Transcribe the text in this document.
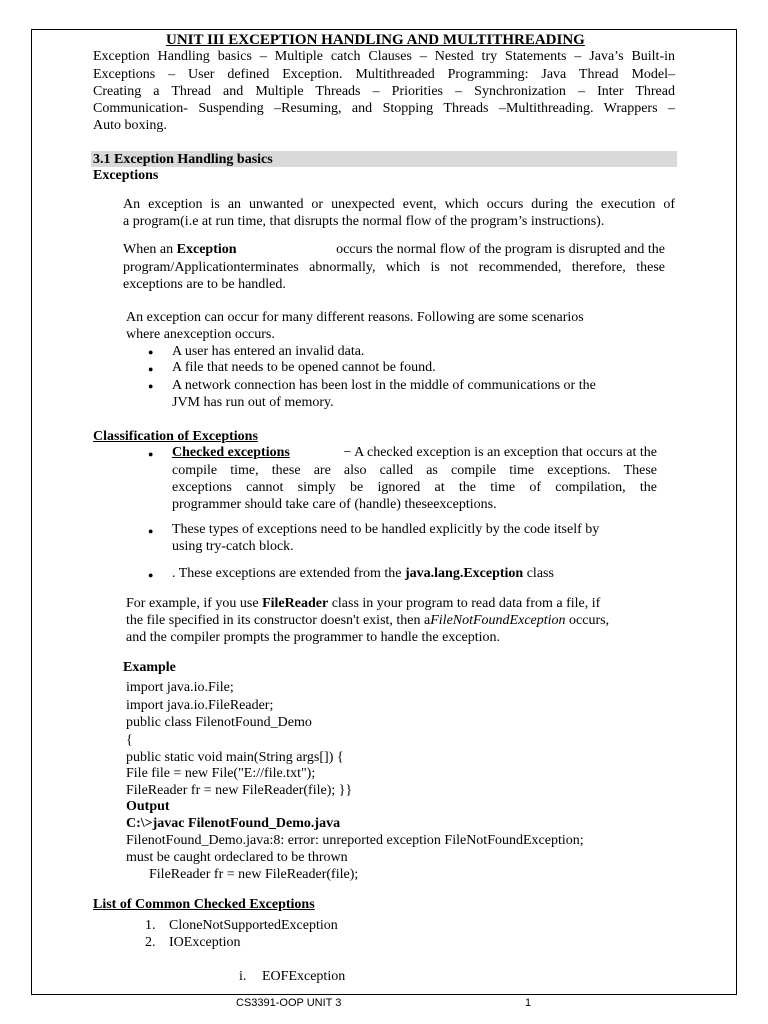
UNIT III EXCEPTION HANDLING AND MULTITHREADING

Exception Handling basics – Multiple catch Clauses – Nested try Statements – Java’s Built-in

Exceptions – User defined Exception. Multithreaded Programming: Java Thread Model–

Creating a Thread and Multiple Threads – Priorities – Synchronization – Inter Thread

Communication- Suspending –Resuming, and Stopping Threads –Multithreading. Wrappers –

Auto boxing.

3.1 Exception Handling basics

Exceptions

An exception is an unwanted or unexpected event, which occurs during the execution of

a program(i.e at run time, that disrupts the normal flow of the program’s instructions).

When an Exception	occurs the normal flow of the program is disrupted and the

program/Applicationterminates abnormally, which is not recommended, therefore, these

exceptions are to be handled.

An exception can occur for many different reasons. Following are some scenarios

where anexception occurs.

● A user has entered an invalid data.

● A file that needs to be opened cannot be found.

● A network connection has been lost in the middle of communications or the

JVM has run out of memory.

Classification of Exceptions

● Checked exceptions	− A checked exception is an exception that occurs at the

compile time, these are also called as compile time exceptions. These

exceptions cannot simply be ignored at the time of compilation, the

programmer should take care of (handle) theseexceptions.

● These types of exceptions need to be handled explicitly by the code itself by

using try-catch block.

● . These exceptions are extended from the java.lang.Exception class

For example, if you use FileReader class in your program to read data from a file, if

the file specified in its constructor doesn't exist, then aFileNotFoundException occurs,

and the compiler prompts the programmer to handle the exception.

Example

import java.io.File;

import java.io.FileReader;

public class FilenotFound_Demo

{

public static void main(String args[]) {

File file = new File("E://file.txt");

FileReader fr = new FileReader(file); }}

Output

C:\>javac FilenotFound_Demo.java

FilenotFound_Demo.java:8: error: unreported exception FileNotFoundException;

must be caught ordeclared to be thrown

FileReader fr = new FileReader(file);

List of Common Checked Exceptions

1. CloneNotSupportedException

2. IOException

i. EOFException

CS3391-OOP UNIT 3	1
